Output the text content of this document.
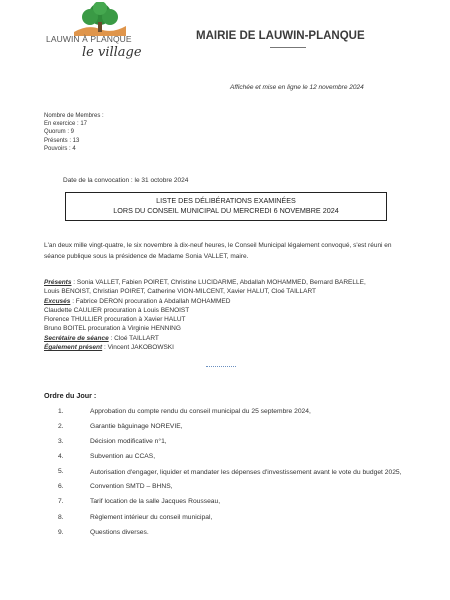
LAUWIN À PLANQUE
le village
MAIRIE DE LAUWIN-PLANQUE
Affichée et mise en ligne le 12 novembre 2024
Nombre de Membres :
En exercice : 17
Quorum : 9
Présents : 13
Pouvoirs : 4
Date de la convocation : le 31 octobre 2024
LISTE DES DÉLIBÉRATIONS EXAMINÉES
LORS DU CONSEIL MUNICIPAL DU MERCREDI 6 NOVEMBRE 2024
L'an deux mille vingt-quatre, le six novembre à dix-neuf heures, le Conseil Municipal légalement convoqué, s'est réuni en séance publique sous la présidence de Madame Sonia VALLET, maire.
Présents : Sonia VALLET, Fabien POIRET, Christine LUCIDARME, Abdallah MOHAMMED, Bernard BARELLE,
Louis BENOIST, Christian POIRET, Catherine VION-MILCENT, Xavier HALUT, Cloé TAILLART
Excusés : Fabrice DERON procuration à Abdallah MOHAMMED
Claudette CAULIER procuration à Louis BENOIST
Florence THULLIER procuration à Xavier HALUT
Bruno BOITEL procuration à Virginie HENNING
Secrétaire de séance : Cloé TAILLART
Également présent : Vincent JAKOBOWSKI
Ordre du Jour :
1.	Approbation du compte rendu du conseil municipal du 25 septembre 2024,
2.	Garantie bâguinage NOREVIE,
3.	Décision modificative n°1,
4.	Subvention au CCAS,
5.	Autorisation d'engager, liquider et mandater les dépenses d'investissement avant le vote du budget 2025,
6.	Convention SMTD – BHNS,
7.	Tarif location de la salle Jacques Rousseau,
8.	Règlement intérieur du conseil municipal,
9.	Questions diverses.
